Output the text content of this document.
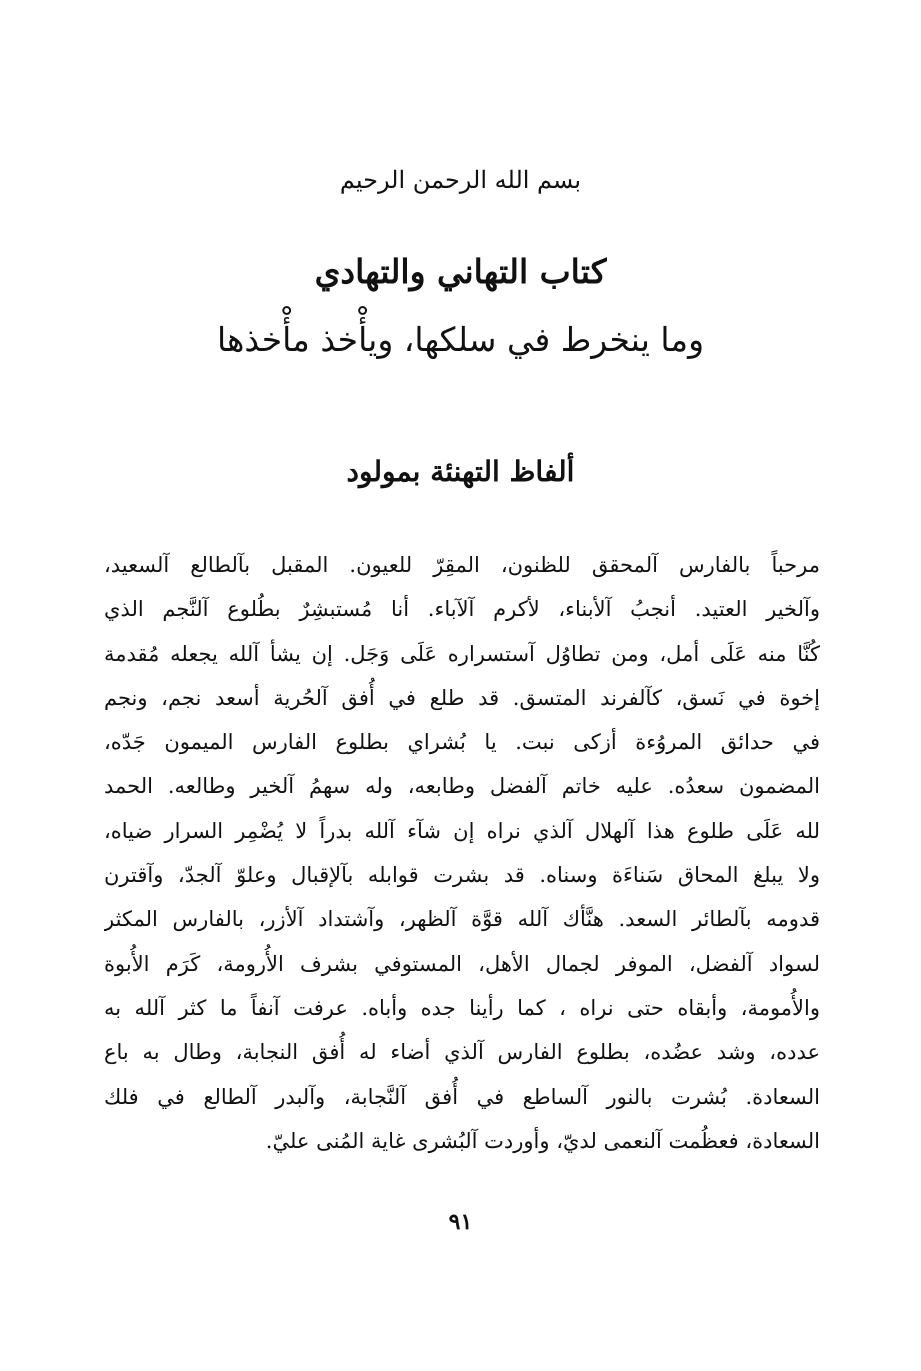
بسم الله الرحمن الرحيم
كتاب التهاني والتهادي
وما ينخرط في سلكها، ويأْخذ مأْخذها
ألفاظ التهنئة بمولود
مرحباً بالفارس آلمحقق للظنون، المقِرّ للعيون. المقبل بآلطالع آلسعيد،
وآلخير العتيد. أنجبُ آلأبناء، لأكرم آلآباء. أنا مُستبشِرٌ بطُلوع آلنَّجم الذي
كُنَّا منه عَلَى أمل، ومن تطاوُل آستسراره عَلَى وَجَل. إن يشأ آلله يجعله مُقدمة
إخوة في نَسق، كآلفرند المتسق. قد طلع في أُفق آلحُرية أسعد نجم، ونجم
في حدائق المروُءة أزكى نبت. يا بُشراي بطلوع الفارس الميمون جَدّه،
المضمون سعدُه. عليه خاتم آلفضل وطابعه، وله سهمُ آلخير وطالعه. الحمد
لله عَلَى طلوع هذا آلهلال آلذي نراه إن شآء آلله بدراً لا يُضْمِر السرار ضياه،
ولا يبلغ المحاق سَناءَة وسناه. قد بشرت قوابله بآلإقبال وعلوّ آلجدّ، وآقترن
قدومه بآلطائر السعد. هنَّأك آلله قوَّة آلظهر، وآشتداد آلأزر، بالفارس المكثر
لسواد آلفضل، الموفر لجمال الأهل، المستوفي بشرف الأُرومة، كَرَم الأُبوة
والأُمومة، وأبقاه حتى نراه ، كما رأينا جده وأباه. عرفت آنفاً ما كثر آلله به
عدده، وشد عضُده، بطلوع الفارس آلذي أضاء له أُفق النجابة، وطال به باع
السعادة. بُشرت بالنور آلساطع في أُفق آلنَّجابة، وآلبدر آلطالع في فلك
السعادة، فعظُمت آلنعمى لديّ، وأوردت آلبُشرى غاية المُنى عليّ.
٩١
